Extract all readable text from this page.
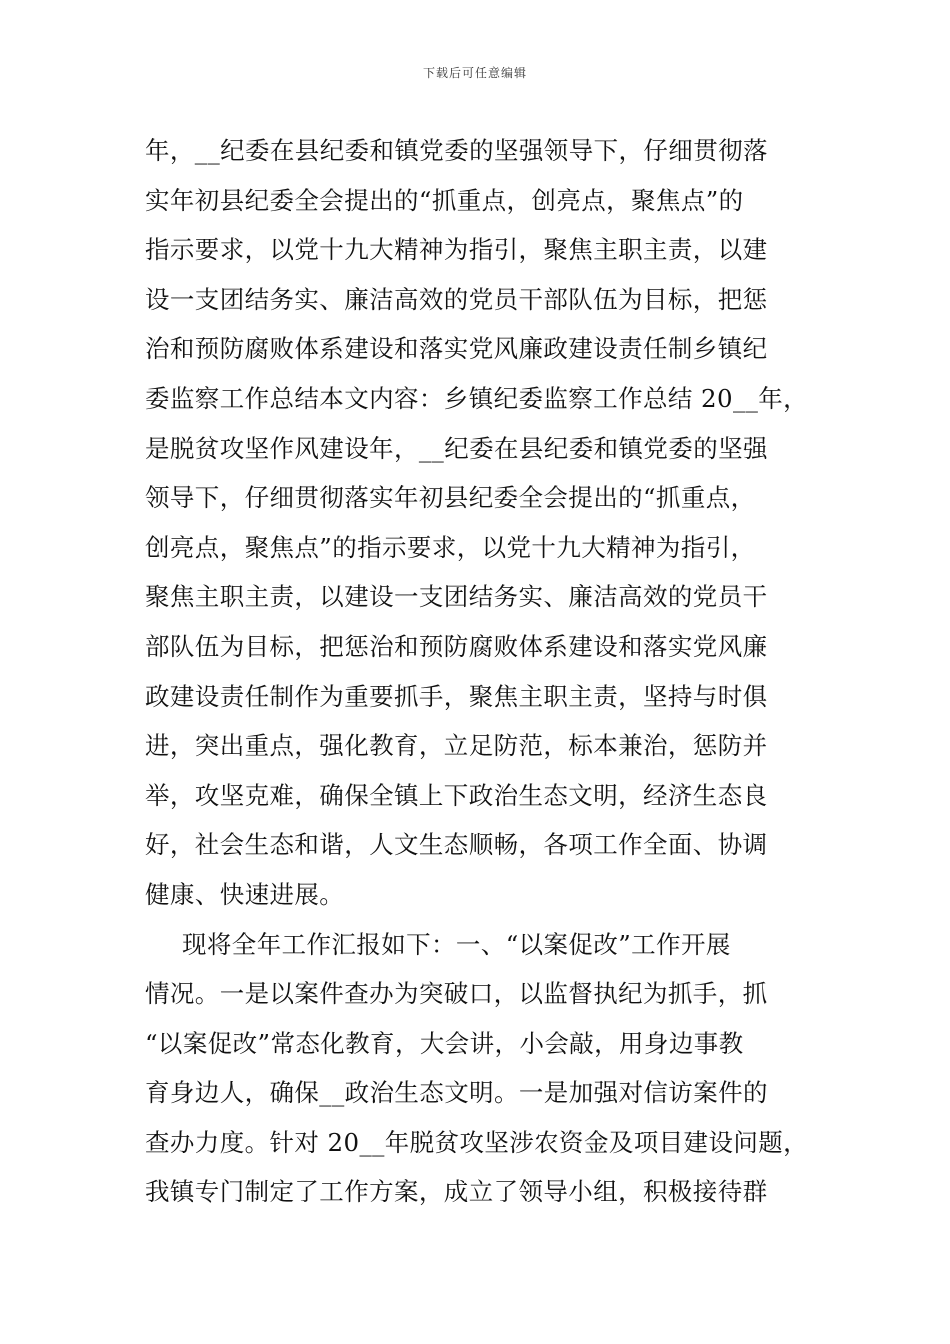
下载后可任意编辑
年，__纪委在县纪委和镇党委的坚强领导下，仔细贯彻落
实年初县纪委全会提出的“抓重点，创亮点，聚焦点”的
指示要求，以党十九大精神为指引，聚焦主职主责，以建
设一支团结务实、廉洁高效的党员干部队伍为目标，把惩
治和预防腐败体系建设和落实党风廉政建设责任制乡镇纪
委监察工作总结本文内容：乡镇纪委监察工作总结 20__年，
是脱贫攻坚作风建设年，__纪委在县纪委和镇党委的坚强
领导下，仔细贯彻落实年初县纪委全会提出的“抓重点，
创亮点，聚焦点”的指示要求，以党十九大精神为指引，
聚焦主职主责，以建设一支团结务实、廉洁高效的党员干
部队伍为目标，把惩治和预防腐败体系建设和落实党风廉
政建设责任制作为重要抓手，聚焦主职主责，坚持与时俱
进，突出重点，强化教育，立足防范，标本兼治，惩防并
举，攻坚克难，确保全镇上下政治生态文明，经济生态良
好，社会生态和谐，人文生态顺畅，各项工作全面、协调
健康、快速进展。
现将全年工作汇报如下：一、“以案促改”工作开展
情况。一是以案件查办为突破口，以监督执纪为抓手，抓
“以案促改”常态化教育，大会讲，小会敲，用身边事教
育身边人，确保__政治生态文明。一是加强对信访案件的
查办力度。针对 20__年脱贫攻坚涉农资金及项目建设问题，
我镇专门制定了工作方案，成立了领导小组，积极接待群
